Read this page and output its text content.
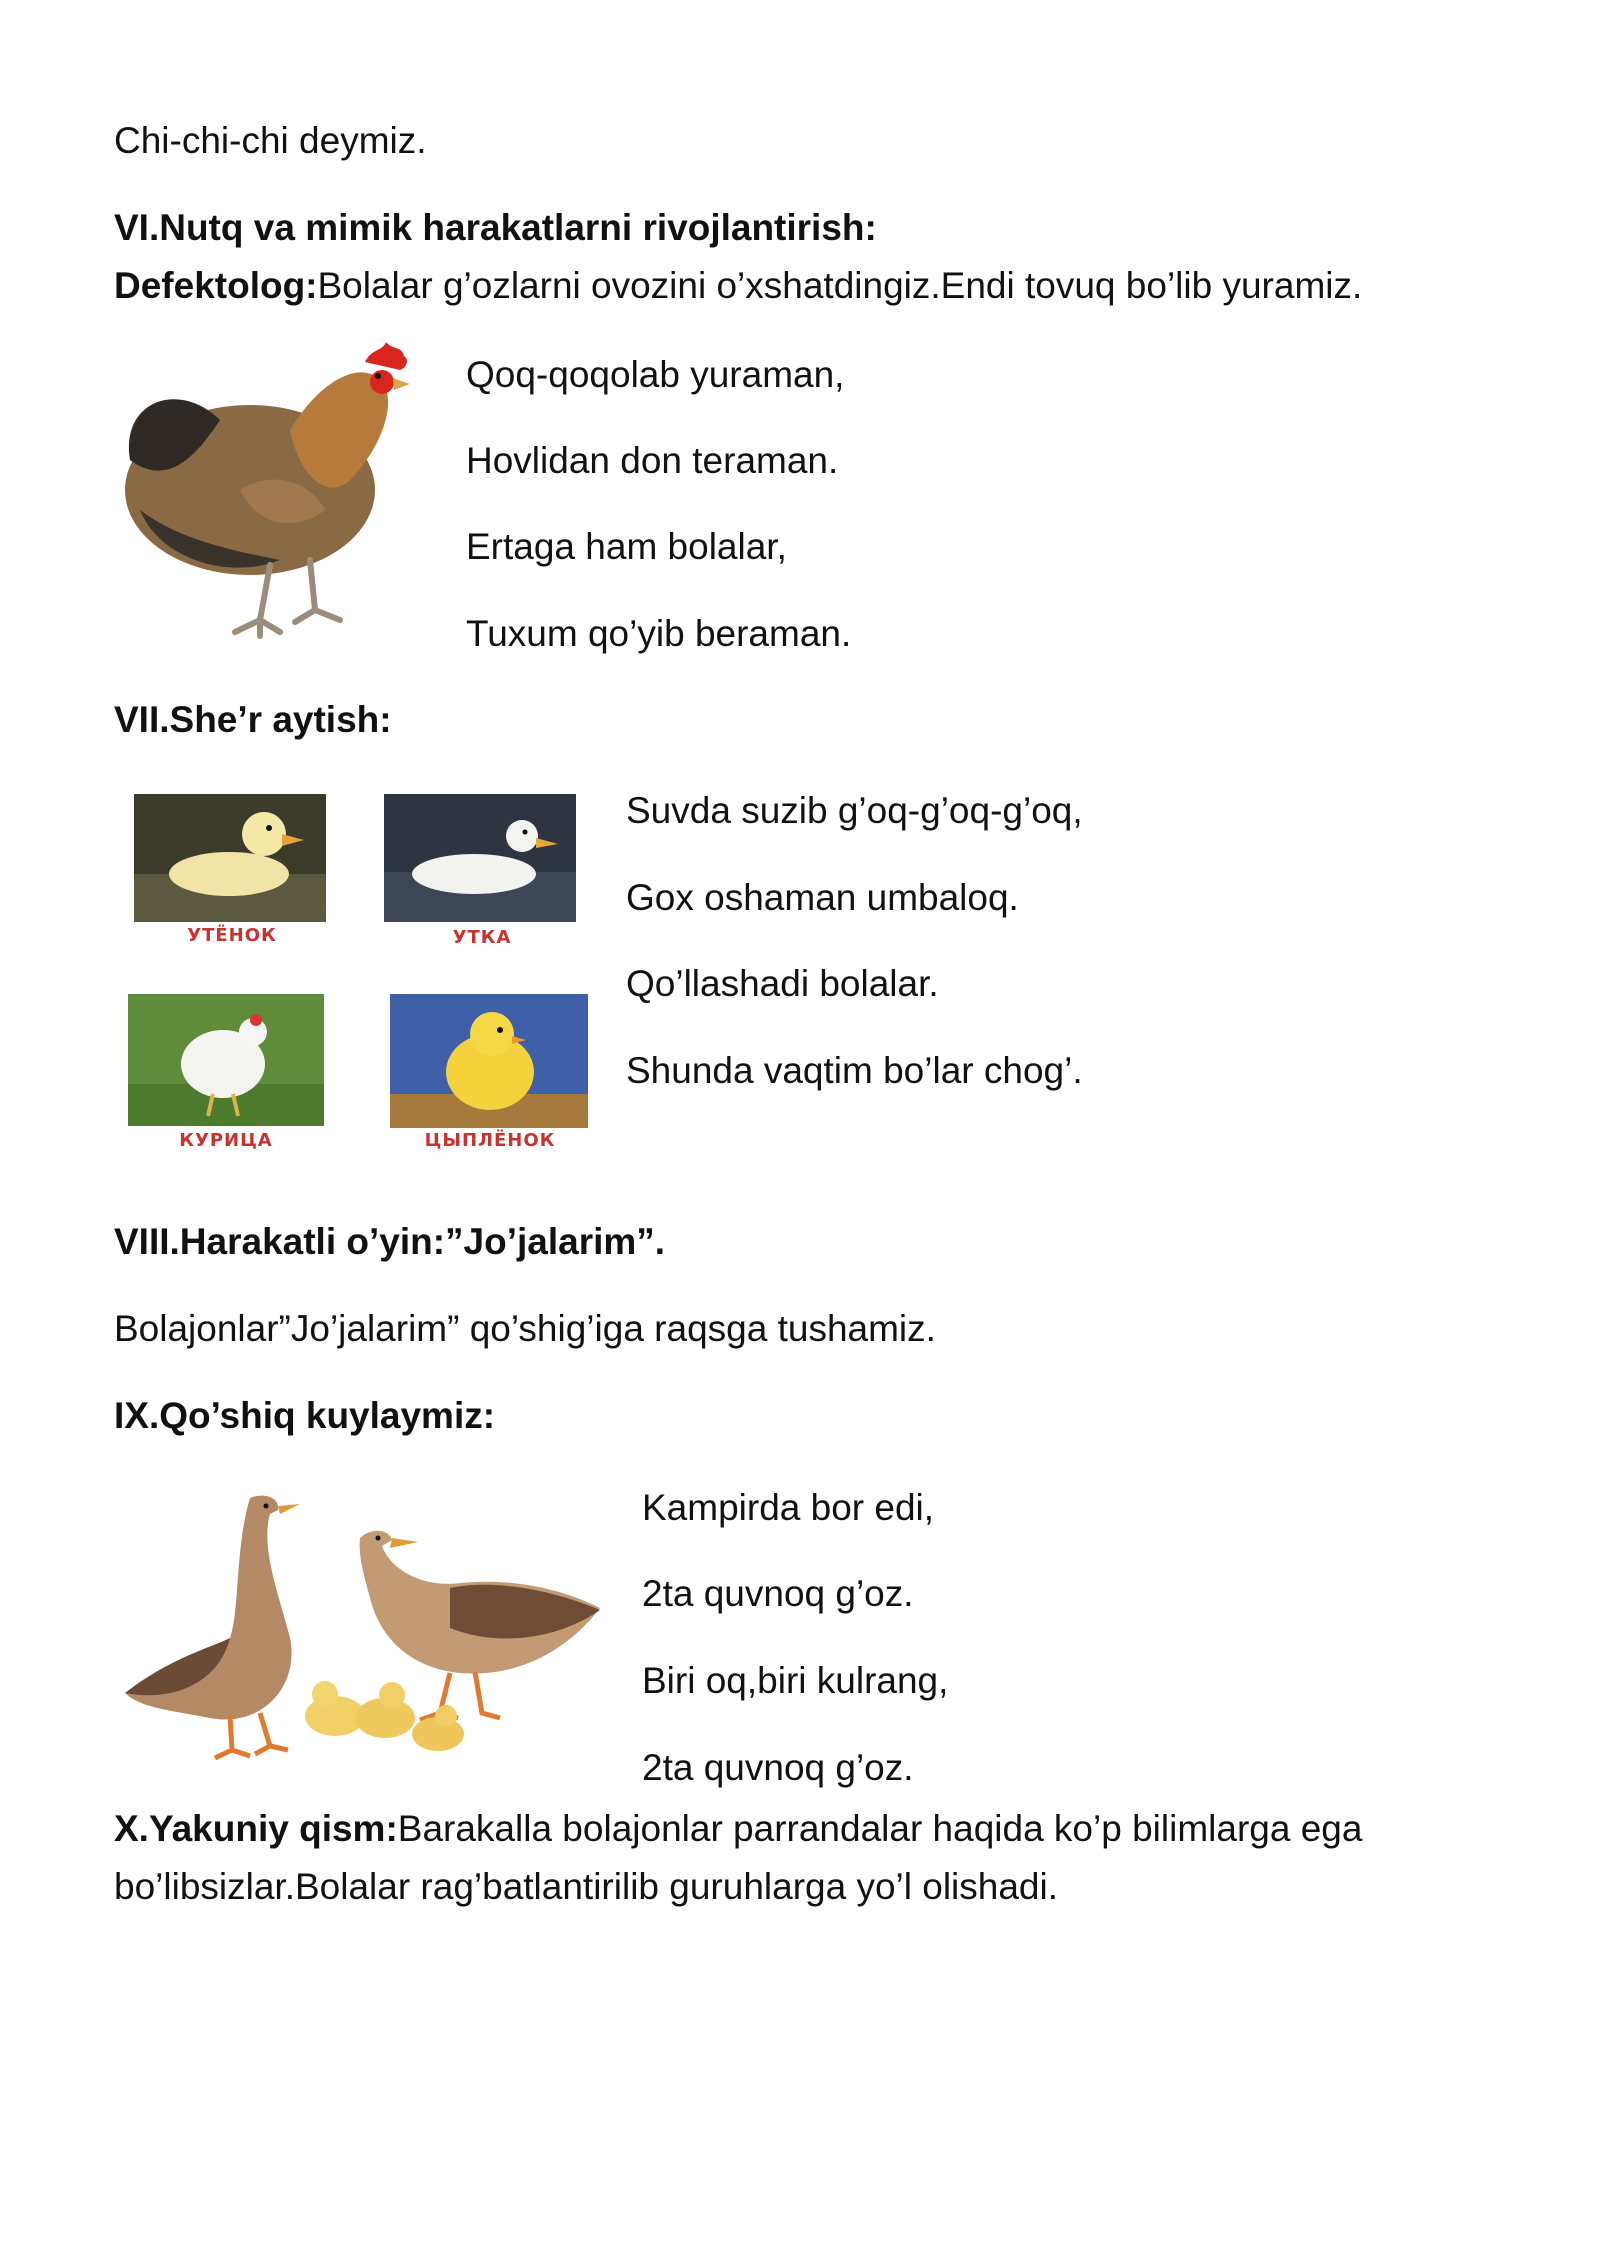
Chi-chi-chi deymiz.
VI.Nutq va mimik harakatlarni rivojlantirish:
Defektolog:Bolalar g’ozlarni ovozini o’xshatdingiz.Endi tovuq bo’lib yuramiz.
Qoq-qoqolab yuraman,
Hovlidan don teraman.
Ertaga ham bolalar,
Tuxum qo’yib beraman.
VII.She’r aytish:
УТЁНОК	УТКА
КУРИЦА	ЦЫПЛЁНОК
Suvda suzib g’oq-g’oq-g’oq,
Gox oshaman umbaloq.
Qo’llashadi bolalar.
Shunda vaqtim bo’lar chog’.
VIII.Harakatli o’yin:”Jo’jalarim”.
Bolajonlar”Jo’jalarim” qo’shig’iga raqsga tushamiz.
IX.Qo’shiq kuylaymiz:
Kampirda bor edi,
2ta quvnoq g’oz.
Biri oq,biri kulrang,
2ta quvnoq g’oz.
X.Yakuniy qism:Barakalla bolajonlar parrandalar haqida ko’p bilimlarga ega
bo’libsizlar.Bolalar rag’batlantirilib guruhlarga yo’l olishadi.
